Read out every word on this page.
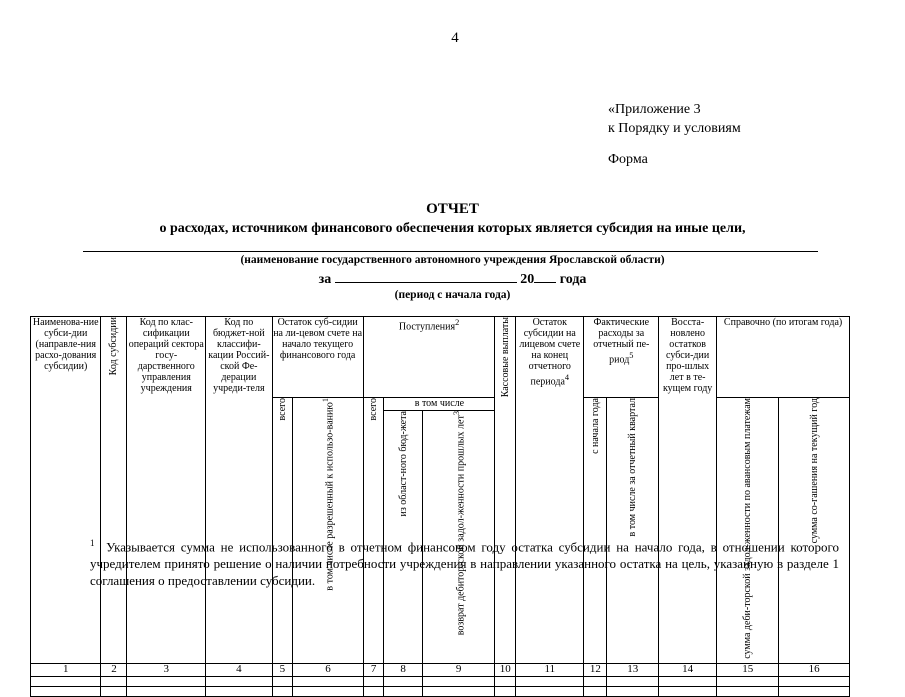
4
«Приложение 3
к Порядку и условиям
Форма
ОТЧЕТ
о расходах, источником финансового обеспечения которых является субсидия на иные цели,
(наименование государственного автономного учреждения Ярославской области)
за	20 года
(период с начала года)
Наименова-ние субси-дии (направле-ния расхо-дования субсидии)	Код субсидии	Код по клас-сификации операций сектора госу-дарственного управления учреждения	Код по бюджет-ной классифи-кации Россий-ской Фе-дерации учреди-теля	Остаток суб-сидии на ли-цевом счете на начало текущего финансового года		Поступления$^2$			Кассовые выплаты	Остаток субсидии на лицевом счете на конец отчетного периода$^4$	Фактические расходы за отчетный пе-риод$^5$		Восста-новлено остатков субси-дии про-шлых лет в те-кущем году	Справочно (по итогам года)	

				всего	в том числе разрешенный к использо-ванию$^1$	всего	в том числе				с начала года	в том числе за отчетный квартал		сумма деби-торской задол-женности по авансовым платежам	сумма со-гашения на текущий год

							из област-ного бюд-жета	возврат дебитор-ской задол-женности прошлых лет$^3$

1	2	3	4	5	6	7	8	9	10	11	12	13	14	15	16

$^1$ Указывается сумма не использованного в отчетном финансовом году остатка субсидии на начало года, в отношении которого учредителем принято решение о наличии потребности учреждения в направлении указанного остатка на цель, указанную в разделе 1 соглашения о предоставлении субсидии.
